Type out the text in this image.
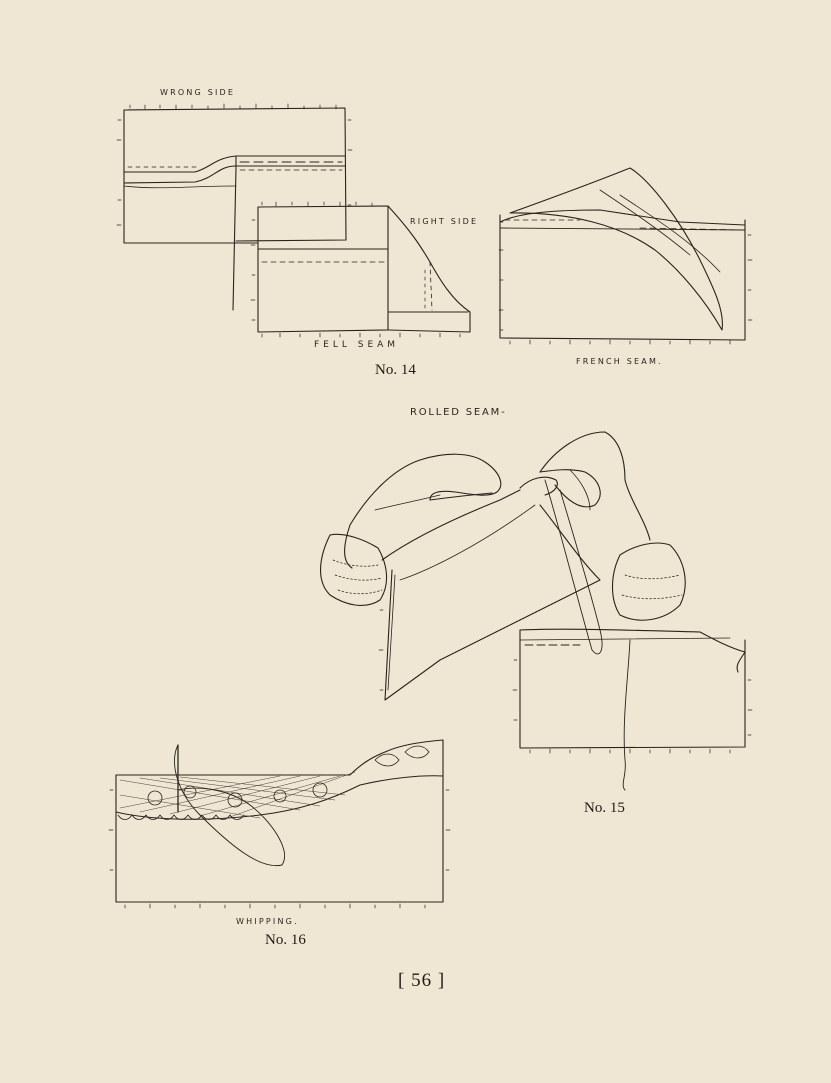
WRONG SIDE
RIGHT SIDE
FELL SEAM
FRENCH SEAM.
ROLLED SEAM-
WHIPPING.
No. 14
No. 15
No. 16
[ 56 ]
